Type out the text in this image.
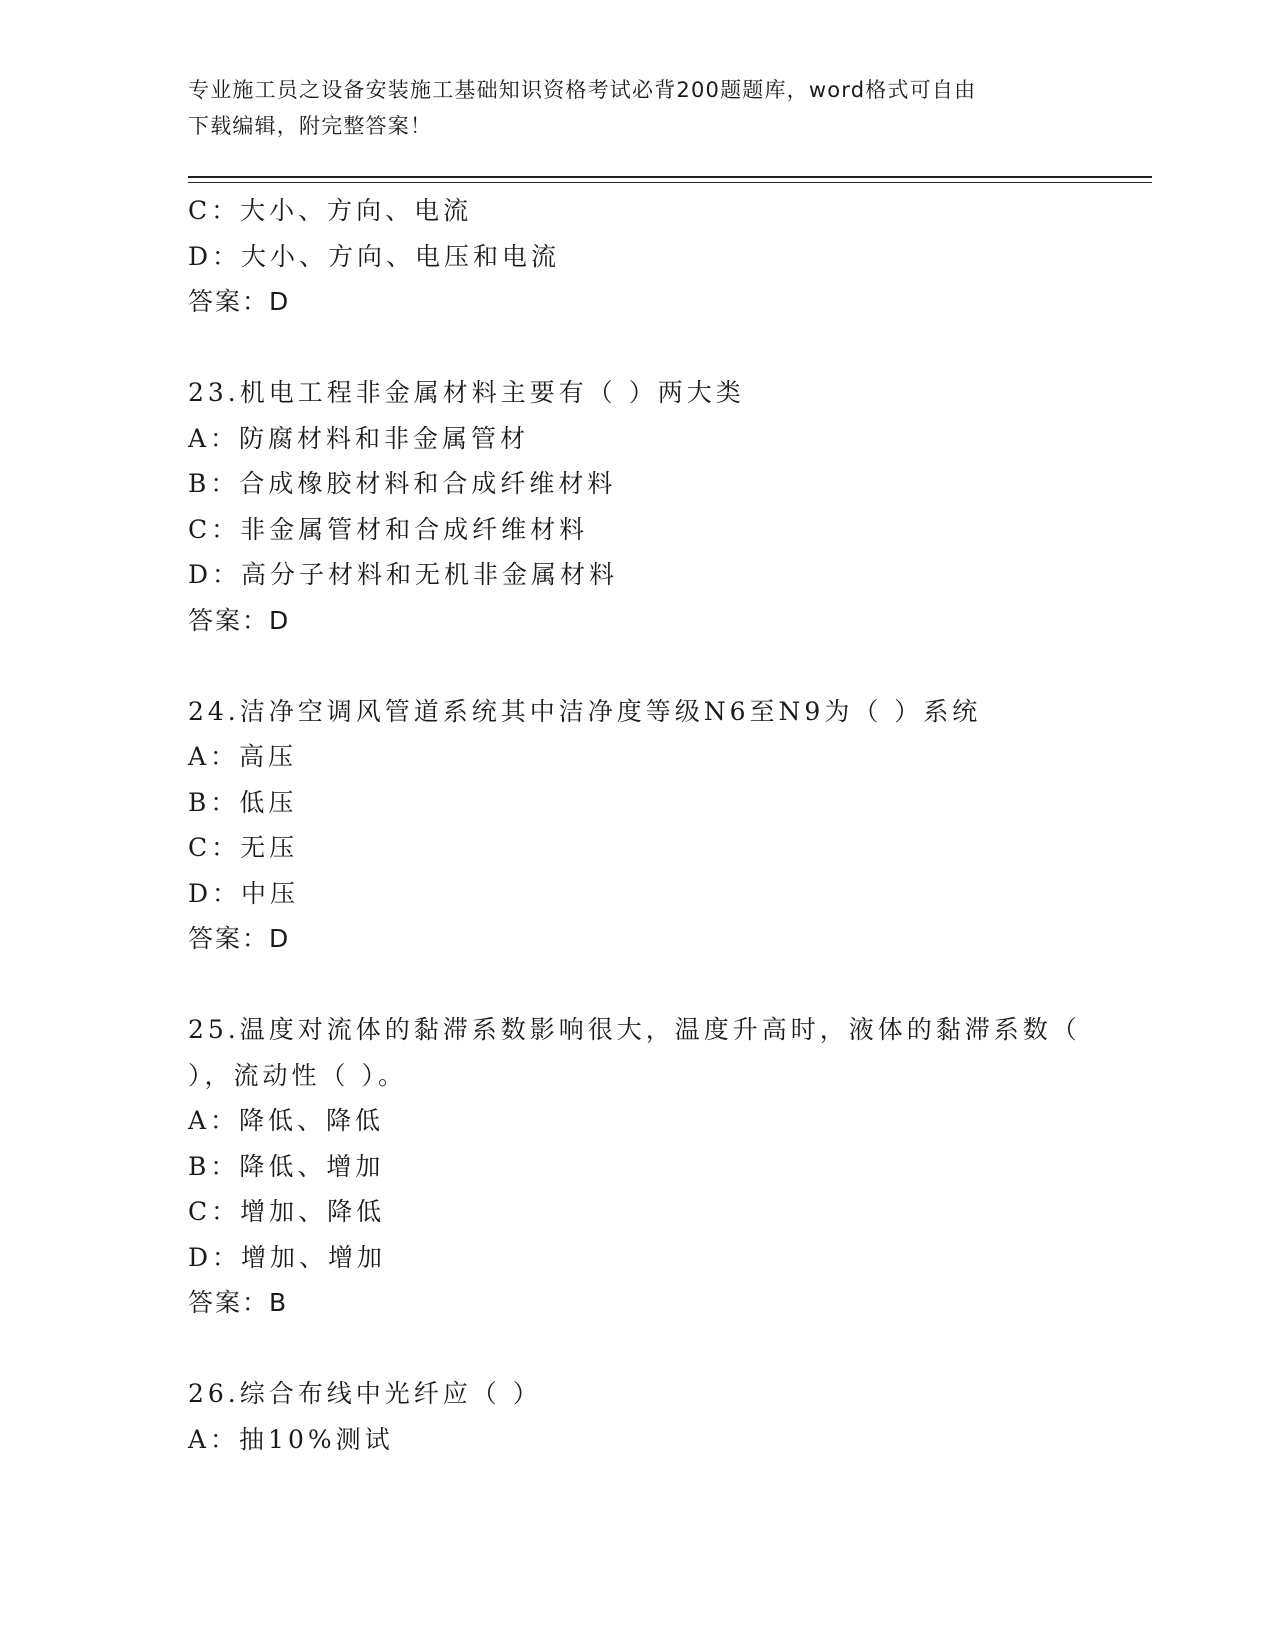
专业施工员之设备安装施工基础知识资格考试必背200题题库，word格式可自由
下载编辑，附完整答案！
C：大小、方向、电流
D：大小、方向、电压和电流
答案：D
23.机电工程非金属材料主要有（ ）两大类
A：防腐材料和非金属管材
B：合成橡胶材料和合成纤维材料
C：非金属管材和合成纤维材料
D：高分子材料和无机非金属材料
答案：D
24.洁净空调风管道系统其中洁净度等级N6至N9为（ ）系统
A：高压
B：低压
C：无压
D：中压
答案：D
25.温度对流体的黏滞系数影响很大，温度升高时，液体的黏滞系数（
），流动性（ ）。
A：降低、降低
B：降低、增加
C：增加、降低
D：增加、增加
答案：B
26.综合布线中光纤应（ ）
A：抽10%测试
